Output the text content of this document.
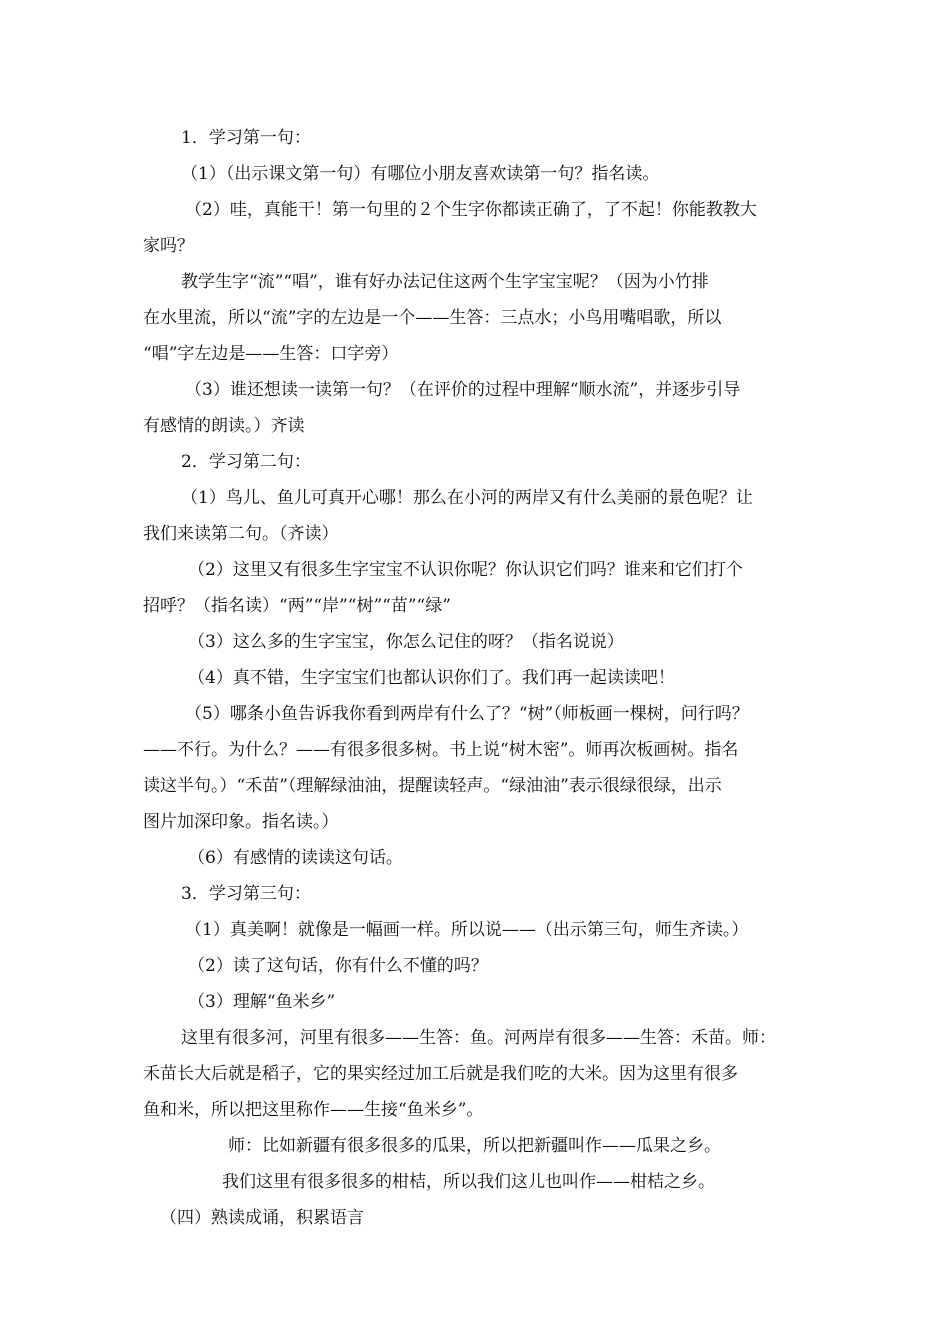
1．学习第一句：
（1）（出示课文第一句）有哪位小朋友喜欢读第一句？指名读。
（2）哇，真能干！第一句里的２个生字你都读正确了，了不起！你能教教大
家吗？
教学生字“流”“唱”，谁有好办法记住这两个生字宝宝呢？（因为小竹排
在水里流，所以“流”字的左边是一个——生答：三点水；小鸟用嘴唱歌，所以
“唱”字左边是——生答：口字旁）
（3）谁还想读一读第一句？（在评价的过程中理解“顺水流”，并逐步引导
有感情的朗读。）齐读
2．学习第二句：
（1）鸟儿、鱼儿可真开心哪！那么在小河的两岸又有什么美丽的景色呢？让
我们来读第二句。（齐读）
（2）这里又有很多生字宝宝不认识你呢？你认识它们吗？谁来和它们打个
招呼？（指名读）“两”“岸”“树”“苗”“绿”
（3）这么多的生字宝宝，你怎么记住的呀？（指名说说）
（4）真不错，生字宝宝们也都认识你们了。我们再一起读读吧！
（5）哪条小鱼告诉我你看到两岸有什么了？“树”（师板画一棵树，问行吗？
——不行。为什么？——有很多很多树。书上说“树木密”。师再次板画树。指名
读这半句。）“禾苗”（理解绿油油，提醒读轻声。“绿油油”表示很绿很绿，出示
图片加深印象。指名读。）
（6）有感情的读读这句话。
3．学习第三句：
（1）真美啊！就像是一幅画一样。所以说——（出示第三句，师生齐读。）
（2）读了这句话，你有什么不懂的吗？
（3）理解“鱼米乡”
这里有很多河，河里有很多——生答：鱼。河两岸有很多——生答：禾苗。师：
禾苗长大后就是稻子，它的果实经过加工后就是我们吃的大米。因为这里有很多
鱼和米，所以把这里称作——生接“鱼米乡”。
师：比如新疆有很多很多的瓜果，所以把新疆叫作——瓜果之乡。
我们这里有很多很多的柑桔，所以我们这儿也叫作——柑桔之乡。
（四）熟读成诵，积累语言
